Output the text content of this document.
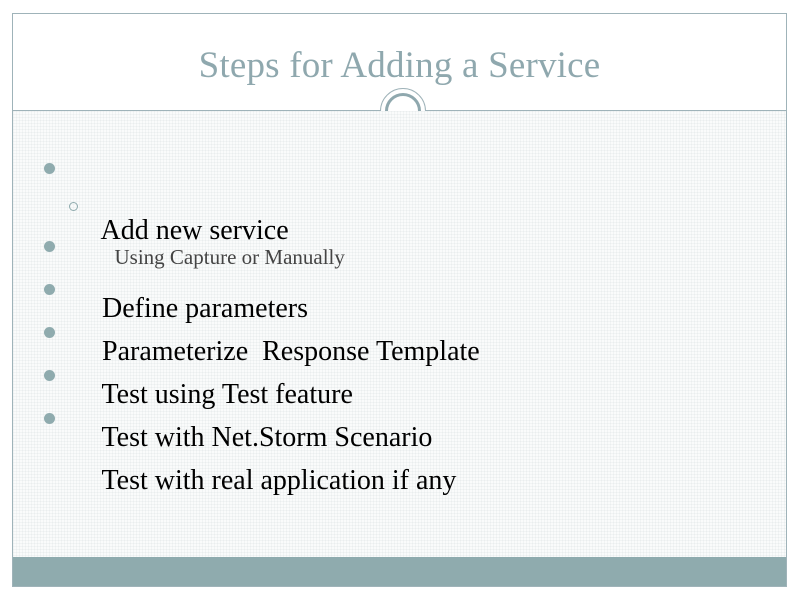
Steps for Adding a Service

Add new service

Using Capture or Manually

Define parameters

Parameterize  Response Template

Test using Test feature

Test with Net.Storm Scenario

Test with real application if any
